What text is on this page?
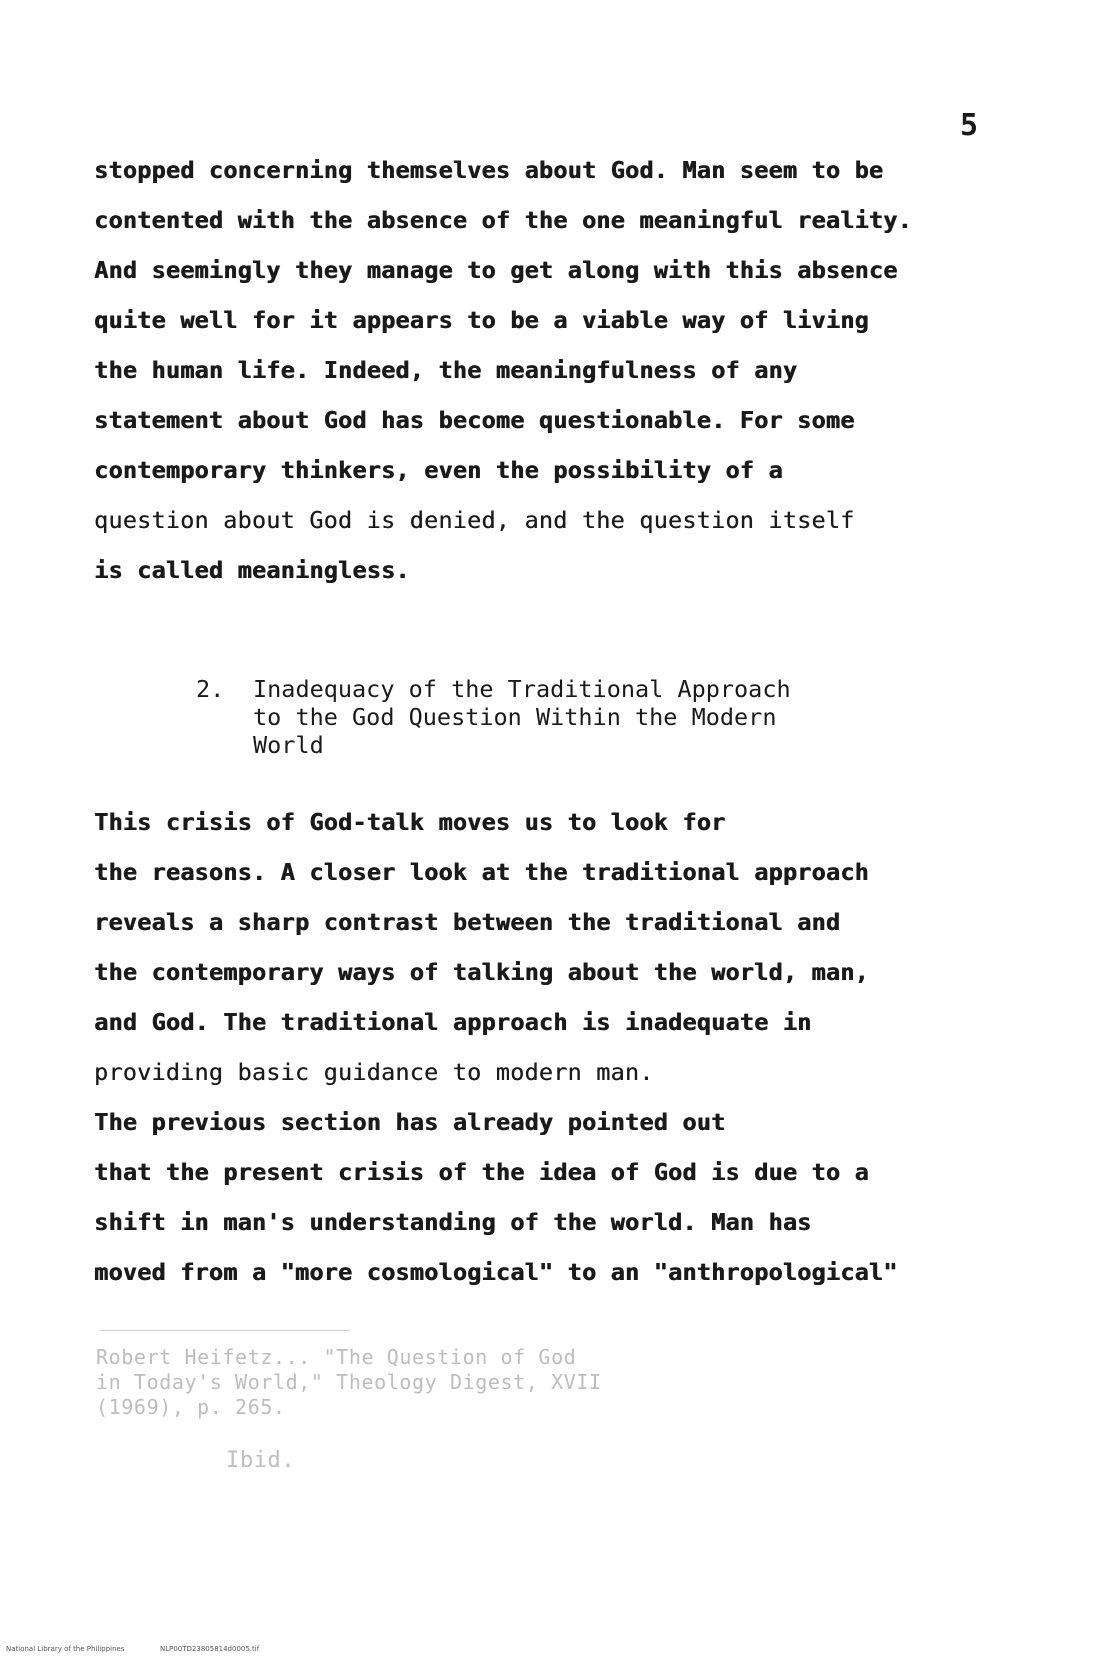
5
stopped concerning themselves about God. Man seem to be
contented with the absence of the one meaningful reality.
And seemingly they manage to get along with this absence
quite well for it appears to be a viable way of living
the human life. Indeed, the meaningfulness of any
statement about God has become questionable. For some
contemporary thinkers, even the possibility of a
question about God is denied, and the question itself
is called meaningless.
2. Inadequacy of the Traditional Approach
to the God Question Within the Modern
World
This crisis of God-talk moves us to look for
the reasons. A closer look at the traditional approach
reveals a sharp contrast between the traditional and
the contemporary ways of talking about the world, man,
and God. The traditional approach is inadequate in
providing basic guidance to modern man.
The previous section has already pointed out
that the present crisis of the idea of God is due to a
shift in man's understanding of the world. Man has
moved from a "more cosmological" to an "anthropological"
Robert Heifetz... "The Question of God
in Today's World," Theology Digest, XVII
(1969), p. 265.
Ibid.
National Library of the Philippines	NLP00TD23805814d0005.tif
